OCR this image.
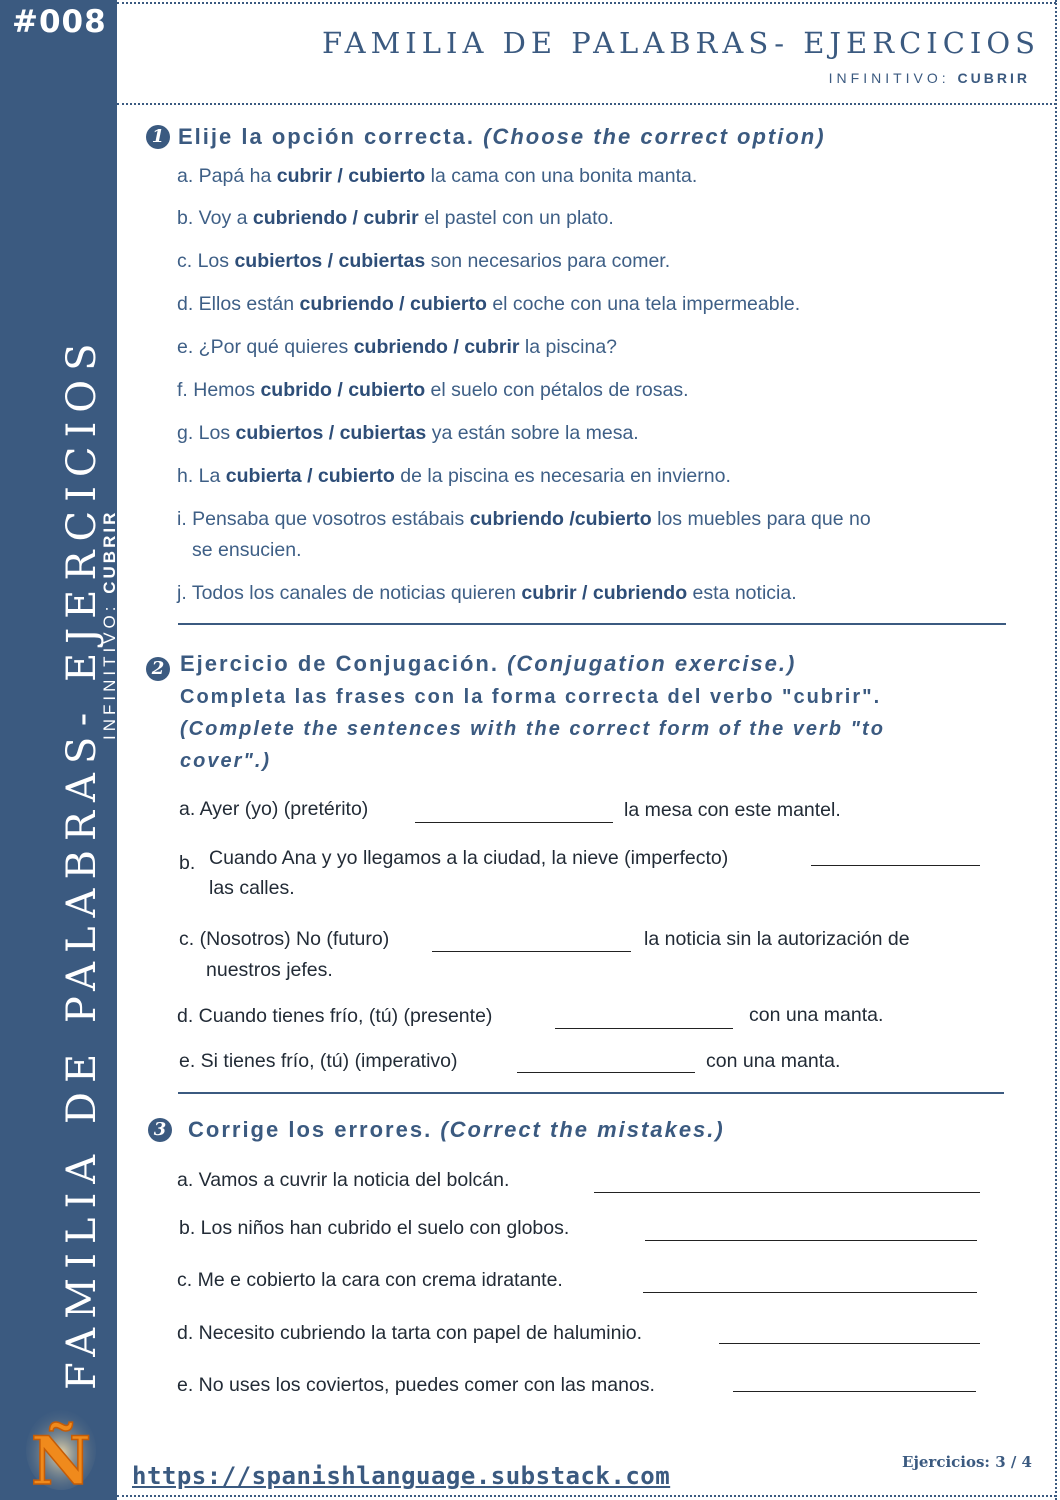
#008
FAMILIA DE PALABRAS- EJERCICIOS
INFINITIVO: CUBRIR
Ñ
FAMILIA DE PALABRAS- EJERCICIOS
INFINITIVO: CUBRIR
1 Elije la opción correcta. (Choose the correct option)
a. Papá ha cubrir / cubierto la cama con una bonita manta.
b. Voy a cubriendo / cubrir el pastel con un plato.
c. Los cubiertos / cubiertas son necesarios para comer.
d. Ellos están cubriendo / cubierto el coche con una tela impermeable.
e. ¿Por qué quieres cubriendo / cubrir la piscina?
f. Hemos cubrido / cubierto el suelo con pétalos de rosas.
g. Los cubiertos / cubiertas ya están sobre la mesa.
h. La cubierta / cubierto de la piscina es necesaria en invierno.
i. Pensaba que vosotros estábais cubriendo /cubierto los muebles para que no
se ensucien.
j. Todos los canales de noticias quieren cubrir / cubriendo esta noticia.
2 Ejercicio de Conjugación. (Conjugation exercise.)
Completa las frases con la forma correcta del verbo "cubrir".
(Complete the sentences with the correct form of the verb "to
cover".)
a. Ayer (yo) (pretérito)	la mesa con este mantel.
b. Cuando Ana y yo llegamos a la ciudad, la nieve (imperfecto)
las calles.
c. (Nosotros) No (futuro)	la noticia sin la autorización de
nuestros jefes.
d. Cuando tienes frío, (tú) (presente)	con una manta.
e. Si tienes frío, (tú) (imperativo)	con una manta.
3 Corrige los errores. (Correct the mistakes.)
a. Vamos a cuvrir la noticia del bolcán.
b. Los niños han cubrido el suelo con globos.
c. Me e cobierto la cara con crema idratante.
d. Necesito cubriendo la tarta con papel de haluminio.
e. No uses los coviertos, puedes comer con las manos.
https://spanishlanguage.substack.com	Ejercicios: 3 / 4
